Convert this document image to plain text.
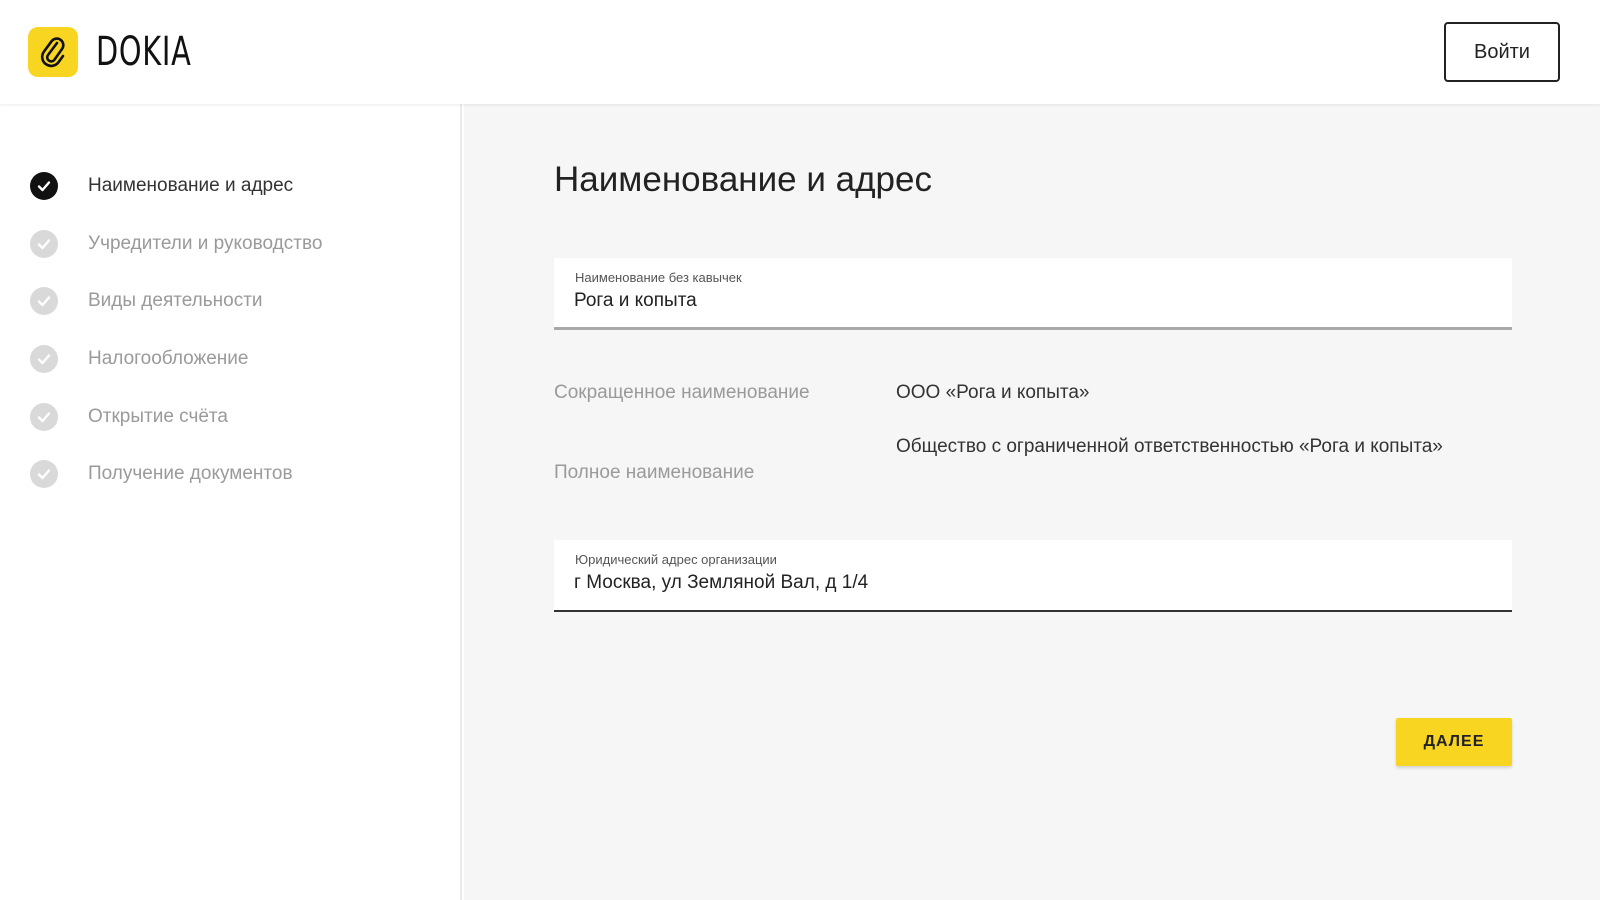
DOKIA	Войти
Наименование и адрес
Учредители и руководство
Виды деятельности
Налогообложение
Открытие счёта
Получение документов
Наименование и адрес
Наименование без кавычек
Рога и копыта
Сокращенное наименование	ООО «Рога и копыта»
Полное наименование
Общество с ограниченной ответственностью «Рога и копыта»
Юридический адрес организации
г Москва, ул Земляной Вал, д 1/4
ДАЛЕЕ
